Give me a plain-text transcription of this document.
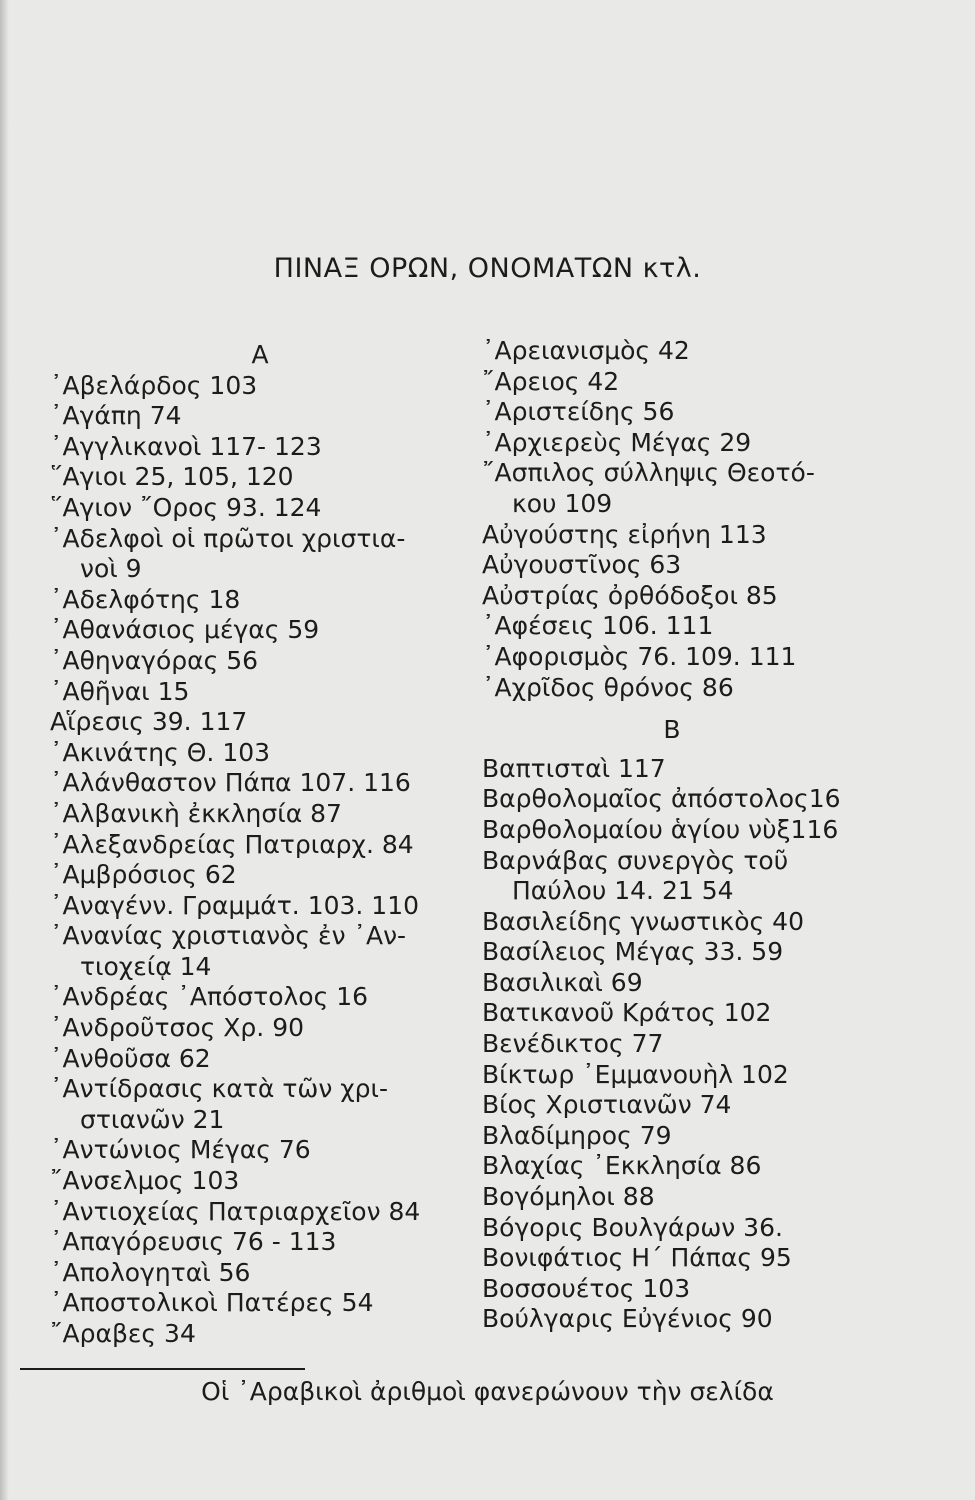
ΠΙΝΑΞ ΟΡΩΝ, ΟΝΟΜΑΤΩΝ κτλ.
Α
᾿Αβελάρδος 103
᾿Αγάπη 74
᾿Αγγλικανοὶ 117- 123
῞Αγιοι 25, 105, 120
῞Αγιον ῎Ορος 93. 124
᾿Αδελφοὶ οἱ πρῶτοι χριστια-
νοὶ 9
᾿Αδελφότης 18
᾿Αθανάσιος μέγας 59
᾿Αθηναγόρας 56
᾿Αθῆναι 15
Αἵρεσις 39. 117
᾿Ακινάτης Θ. 103
᾿Αλάνθαστον Πάπα 107. 116
᾿Αλβανικὴ ἐκκλησία 87
᾿Αλεξανδρείας Πατριαρχ. 84
᾿Αμβρόσιος 62
᾿Αναγένν. Γραμμάτ. 103. 110
᾿Ανανίας χριστιανὸς ἐν ᾿Αν-
τιοχείᾳ 14
᾿Ανδρέας ᾿Απόστολος 16
᾿Ανδροῦτσος Χρ. 90
᾿Ανθοῦσα 62
᾿Αντίδρασις κατὰ τῶν χρι-
στιανῶν 21
᾿Αντώνιος Μέγας 76
῎Ανσελμος 103
᾿Αντιοχείας Πατριαρχεῖον 84
᾿Απαγόρευσις 76 - 113
᾿Απολογηταὶ 56
᾿Αποστολικοὶ Πατέρες 54
῎Αραβες 34
᾿Αρειανισμὸς 42
῎Αρειος 42
᾿Αριστείδης 56
᾿Αρχιερεὺς Μέγας 29
῎Ασπιλος σύλληψις Θεοτό-
κου 109
Αὐγούστης εἰρήνη 113
Αὐγουστῖνος 63
Αὐστρίας ὀρθόδοξοι 85
᾿Αφέσεις 106. 111
᾿Αφορισμὸς 76. 109. 111
᾿Αχρῖδος θρόνος 86
Β
Βαπτισταὶ 117
Βαρθολομαῖος ἀπόστολος16
Βαρθολομαίου ἁγίου νὺξ116
Βαρνάβας συνεργὸς τοῦ
Παύλου 14. 21 54
Βασιλείδης γνωστικὸς 40
Βασίλειος Μέγας 33. 59
Βασιλικαὶ 69
Βατικανοῦ Κράτος 102
Βενέδικτος 77
Βίκτωρ ᾿Εμμανουὴλ 102
Βίος Χριστιανῶν 74
Βλαδίμηρος 79
Βλαχίας ᾿Εκκλησία 86
Βογόμηλοι 88
Βόγορις Βουλγάρων 36.
Βονιφάτιος Η΄ Πάπας 95
Βοσσουέτος 103
Βούλγαρις Εὐγένιος 90
Οἱ ᾿Αραβικοὶ ἀριθμοὶ φανερώνουν τὴν σελίδα
